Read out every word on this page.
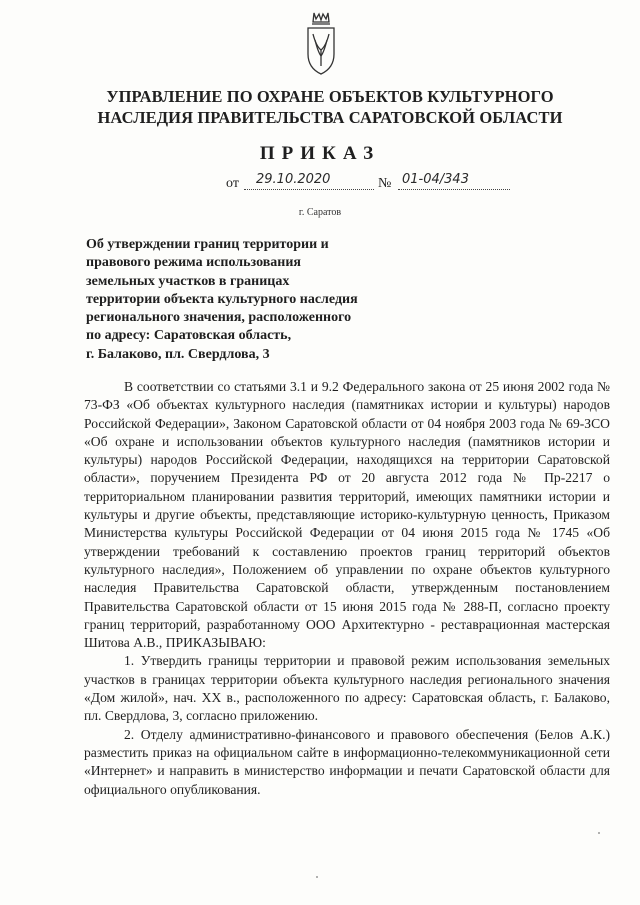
УПРАВЛЕНИЕ ПО ОХРАНЕ ОБЪЕКТОВ КУЛЬТУРНОГО
НАСЛЕДИЯ ПРАВИТЕЛЬСТВА САРАТОВСКОЙ ОБЛАСТИ
ПРИКАЗ
от 29.10.2020	№ 01-04/343
г. Саратов
Об утверждении границ территории и
правового режима использования
земельных участков в границах
территории объекта культурного наследия
регионального значения, расположенного
по адресу: Саратовская область,
г. Балаково, пл. Свердлова, 3

В соответствии со статьями 3.1 и 9.2 Федерального закона от 25 июня 2002 года № 73-ФЗ «Об объектах культурного наследия (памятниках истории и культуры) народов Российской Федерации», Законом Саратовской области от 04 ноября 2003 года № 69-ЗСО «Об охране и использовании объектов культурного наследия (памятников истории и культуры) народов Российской Федерации, находящихся на территории Саратовской области», поручением Президента РФ от 20 августа 2012 года № Пр-2217 о территориальном планировании развития территорий, имеющих памятники истории и культуры и другие объекты, представляющие историко-культурную ценность, Приказом Министерства культуры Российской Федерации от 04 июня 2015 года № 1745 «Об утверждении требований к составлению проектов границ территорий объектов культурного наследия», Положением об управлении по охране объектов культурного наследия Правительства Саратовской области, утвержденным постановлением Правительства Саратовской области от 15 июня 2015 года № 288-П, согласно проекту границ территорий, разработанному ООО Архитектурно - реставрационная мастерская Шитова А.В., ПРИКАЗЫВАЮ:

1. Утвердить границы территории и правовой режим использования земельных участков в границах территории объекта культурного наследия регионального значения «Дом жилой», нач. XX в., расположенного по адресу: Саратовская область, г. Балаково, пл. Свердлова, 3, согласно приложению.

2. Отделу административно-финансового и правового обеспечения (Белов А.К.) разместить приказ на официальном сайте в информационно-телекоммуникационной сети «Интернет» и направить в министерство информации и печати Саратовской области для официального опубликования.
